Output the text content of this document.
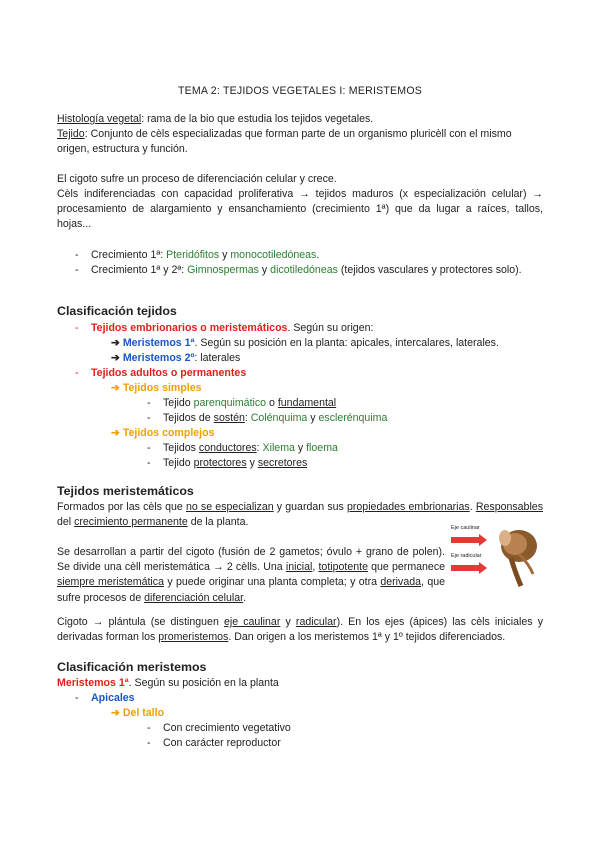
TEMA 2: TEJIDOS VEGETALES I: MERISTEMOS
Histología vegetal: rama de la bio que estudia los tejidos vegetales.
Tejido: Conjunto de cèls especializadas que forman parte de un organismo pluricèll con el mismo origen, estructura y función.
El cigoto sufre un proceso de diferenciación celular y crece.
Cèls indiferenciadas con capacidad proliferativa → tejidos maduros (x especialización celular) → procesamiento de alargamiento y ensanchamiento (crecimiento 1ª) que da lugar a raíces, tallos, hojas...
- Crecimiento 1ª: Pteridófitos y monocotiledóneas.
-	Crecimiento 1ª y 2ª: Gimnospermas y dicotiledóneas (tejidos vasculares y protectores solo).
Clasificación tejidos
- Tejidos embrionarios o meristemáticos. Según su origen:
➔ Meristemos 1ª. Según su posición en la planta: apicales, intercalares, laterales.
➔ Meristemos 2º: laterales
- Tejidos adultos o permanentes
➔ Tejidos simples
- Tejido parenquimático o fundamental
- Tejidos de sostén: Colénquima y esclerénquima
➔ Tejidos complejos
- Tejidos conductores: Xilema y floema
- Tejido protectores y secretores
Tejidos meristemáticos
Formados por las cèls que no se especializan y guardan sus propiedades embrionarias. Responsables del crecimiento permanente de la planta.
Se desarrollan a partir del cigoto (fusión de 2 gametos; óvulo + grano de polen). Se divide una cèll meristemática → 2 cèlls. Una inicial, totipotente que permanece siempre meristemática y puede originar una planta completa; y otra derivada, que sufre procesos de diferenciación celular.
Eje caulinar
Eje radicular
Cigoto → plántula (se distinguen eje caulinar y radicular). En los ejes (ápices) las cèls iniciales y derivadas forman los promeristemos. Dan origen a los meristemos 1ª y 1º tejidos diferenciados.
Clasificación meristemos
Meristemos 1ª. Según su posición en la planta
- Apicales
➔ Del tallo
- Con crecimiento vegetativo
- Con carácter reproductor
